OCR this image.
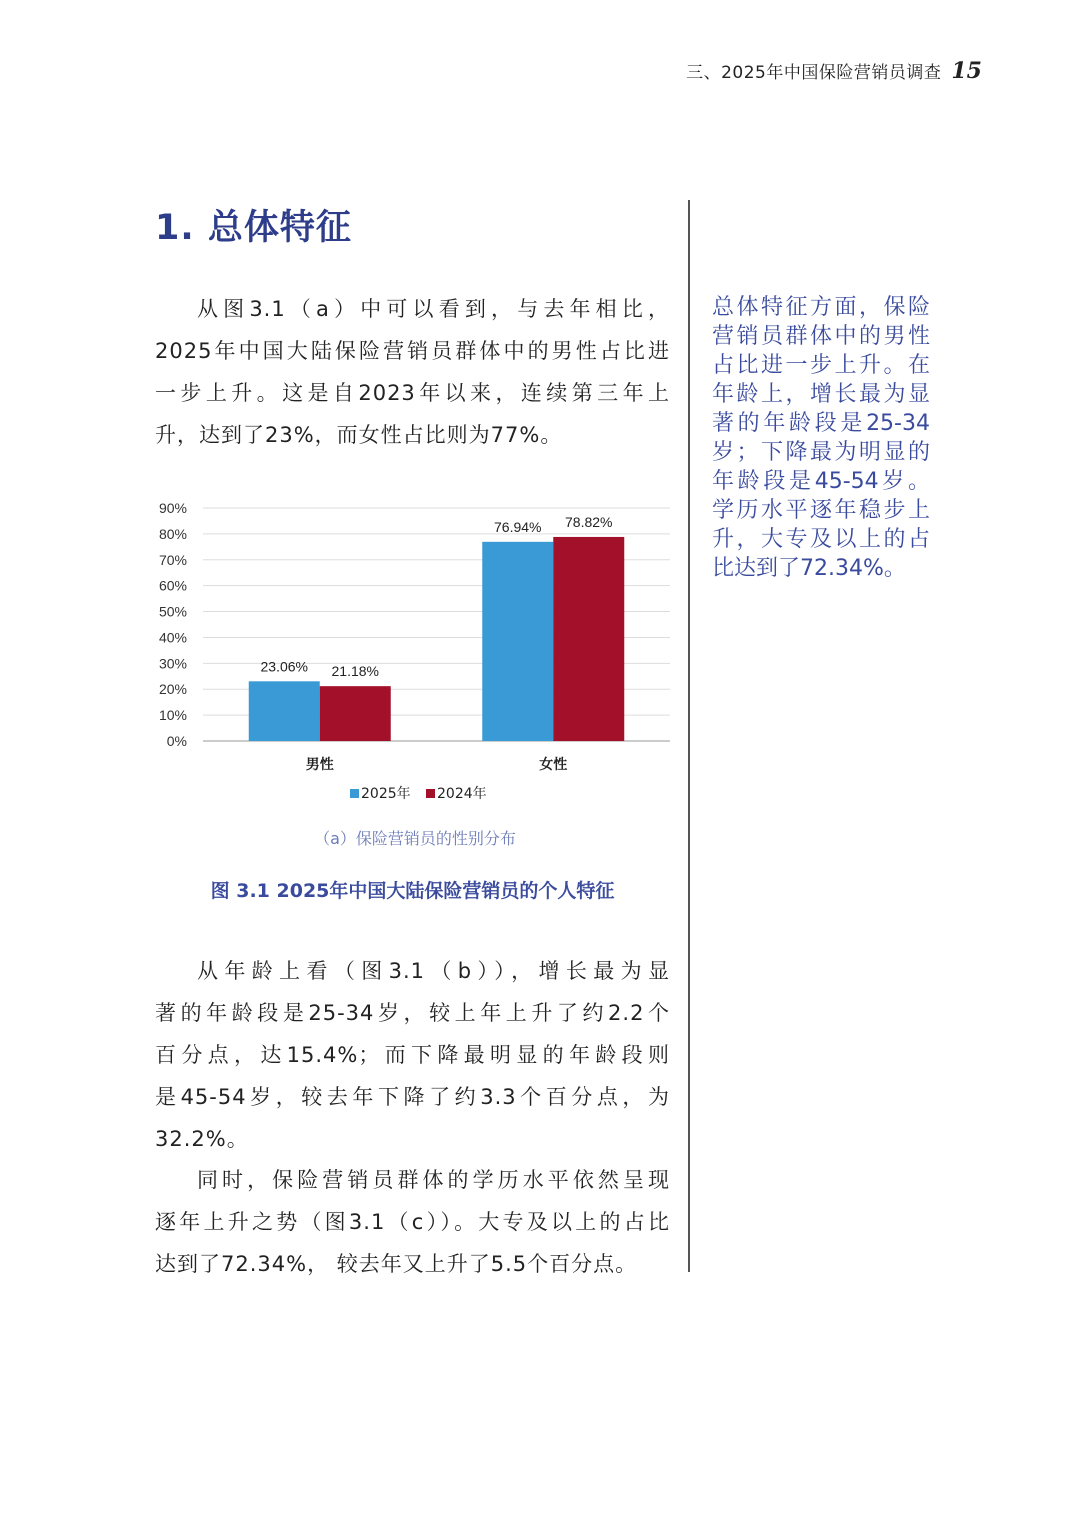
三、2025年中国保险营销员调查 15
1. 总体特征
从图3.1（a）中可以看到，与去年相比，
2025年中国大陆保险营销员群体中的男性占比进
一步上升。这是自2023年以来，连续第三年上
升，达到了23%，而女性占比则为77%。
0%
10%
20%
30%
40%
50%
60%
70%
80%
90%
23.06% 21.18%
男性
76.94% 78.82%
女性
2025年 2024年

（a）保险营销员的性别分布

图 3.1 2025年中国大陆保险营销员的个人特征

从年龄上看（图3.1（b）），增长最为显
著的年龄段是25-34岁，较上年上升了约2.2个
百分点，达15.4%；而下降最明显的年龄段则
是45-54岁，较去年下降了约3.3个百分点，为
32.2%。
同时，保险营销员群体的学历水平依然呈现
逐年上升之势（图3.1（c））。大专及以上的占比
达到了72.34%， 较去年又上升了5.5个百分点。
总体特征方面，保险
营销员群体中的男性
占比进一步上升。在
年龄上，增长最为显
著的年龄段是25-34
岁；下降最为明显的
年龄段是45-54岁。
学历水平逐年稳步上
升，大专及以上的占
比达到了72.34%。
